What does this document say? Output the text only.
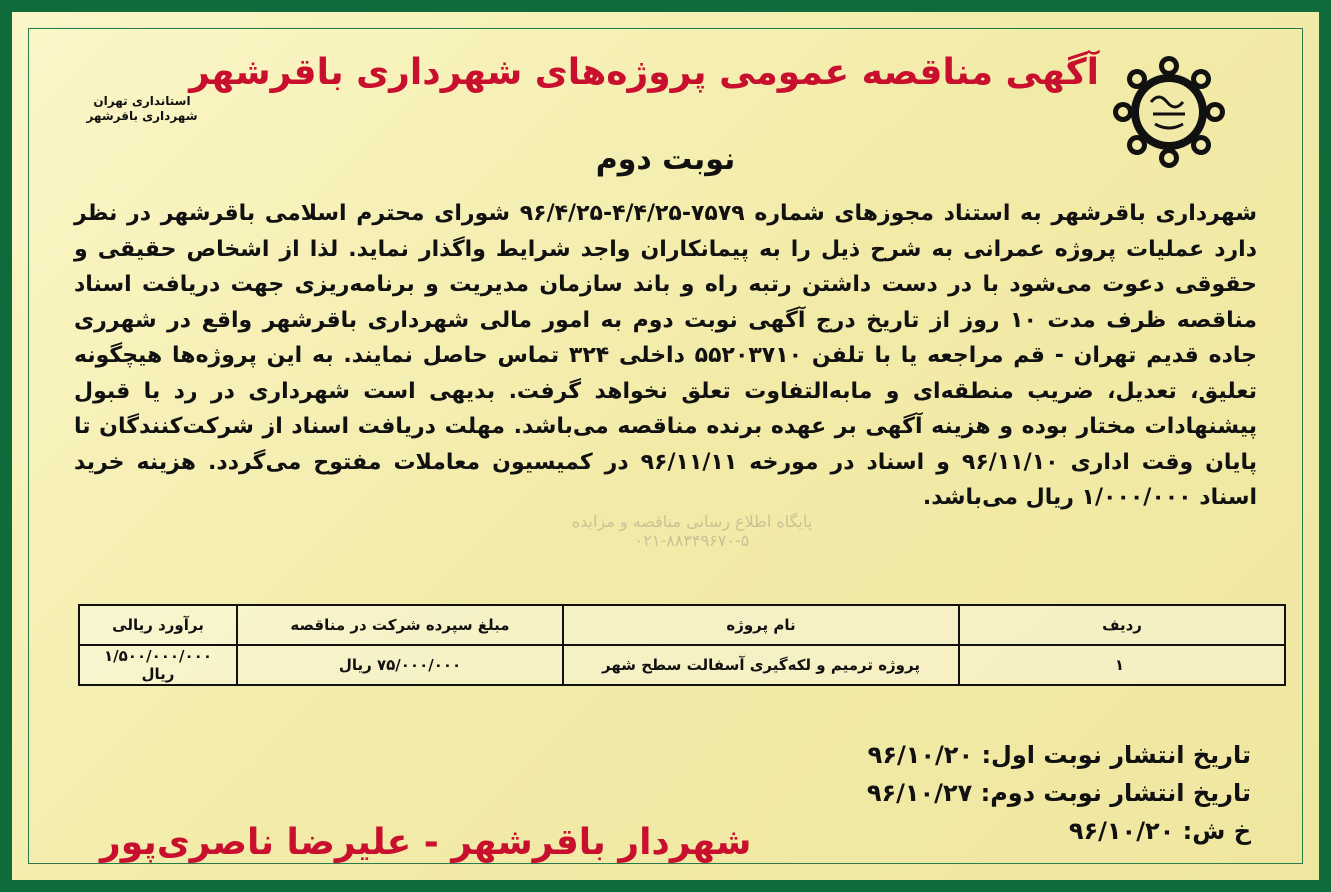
استانداری تهران
شهرداری باقرشهر
آگهی مناقصه عمومی پروژه‌های شهرداری باقرشهر
نوبت دوم
شهرداری باقرشهر به استناد مجوزهای شماره ۷۵۷۹-۴/۴/۲۵-۹۶/۴/۲۵ شورای محترم اسلامی باقرشهر در نظر دارد عملیات پروژه عمرانی به شرح ذیل را به پیمانکاران واجد شرایط واگذار نماید. لذا از اشخاص حقیقی و حقوقی دعوت می‌شود با در دست داشتن رتبه راه و باند سازمان مدیریت و برنامه‌ریزی جهت دریافت اسناد مناقصه ظرف مدت ۱۰ روز از تاریخ درج آگهی نوبت دوم به امور مالی شهرداری باقرشهر واقع در شهرری جاده قدیم تهران - قم مراجعه یا با تلفن ۵۵۲۰۳۷۱۰ داخلی ۳۲۴ تماس حاصل نمایند. به این پروژه‌ها هیچگونه تعلیق، تعدیل، ضریب منطقه‌ای و مابه‌التفاوت تعلق نخواهد گرفت. بدیهی است شهرداری در رد یا قبول پیشنهادات مختار بوده و هزینه آگهی بر عهده برنده مناقصه می‌باشد. مهلت دریافت اسناد از شرکت‌کنندگان تا پایان وقت اداری ۹۶/۱۱/۱۰ و اسناد در مورخه ۹۶/۱۱/۱۱ در کمیسیون معاملات مفتوح می‌گردد. هزینه خرید اسناد ۱/۰۰۰/۰۰۰ ریال می‌باشد.
پایگاه اطلاع رسانی مناقصه و مزایده
۰۲۱-۸۸۳۴۹۶۷۰-۵
ردیف	نام پروژه	مبلغ سپرده شرکت در مناقصه	برآورد ریالی
۱	پروژه ترمیم و لکه‌گیری آسفالت سطح شهر	۷۵/۰۰۰/۰۰۰ ریال	۱/۵۰۰/۰۰۰/۰۰۰ ریال
تاریخ انتشار نوبت اول: ۹۶/۱۰/۲۰
تاریخ انتشار نوبت دوم: ۹۶/۱۰/۲۷
خ ش: ۹۶/۱۰/۲۰
شهردار باقرشهر - علیرضا ناصری‌پور
